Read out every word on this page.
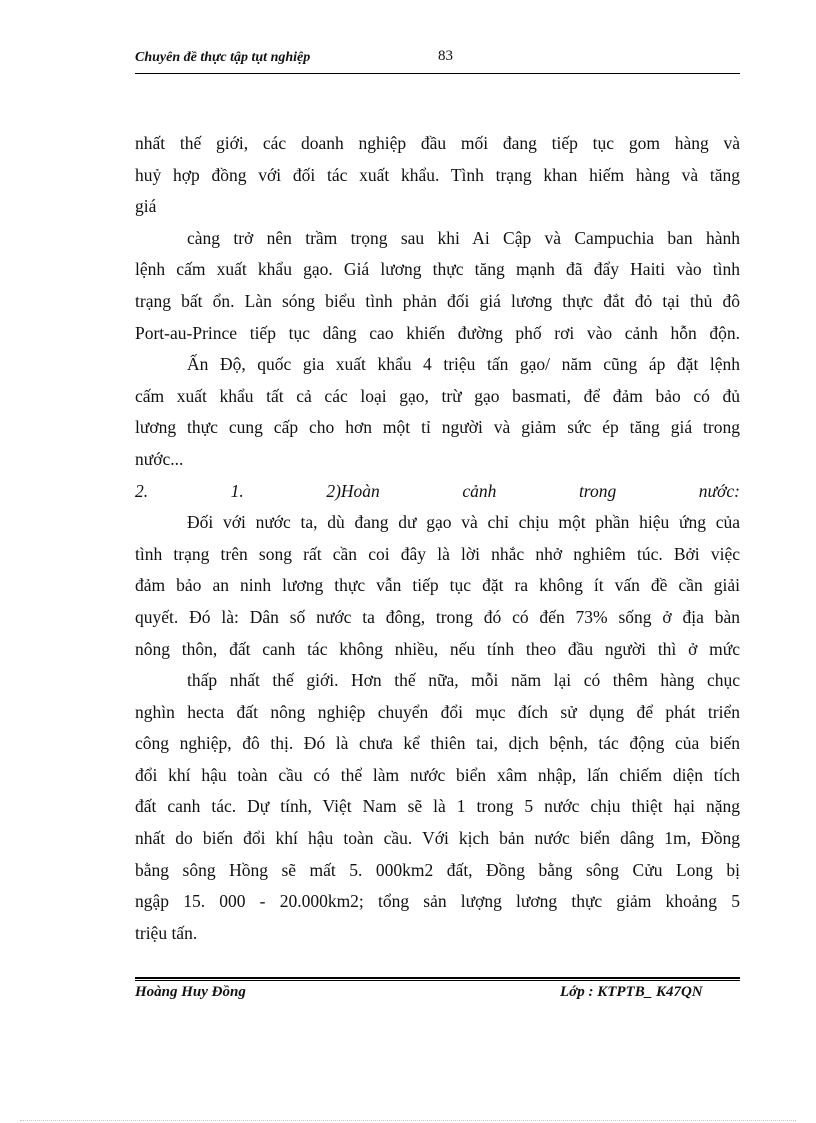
Chuyên đề thực tập tụt nghiệp	83
nhất thế giới, các doanh nghiệp đầu mối đang tiếp tục gom hàng và
huỷ hợp đồng với đối tác xuất khẩu. Tình trạng khan hiếm hàng và tăng
giá
càng trở nên trầm trọng sau khi Ai Cập và Campuchia ban hành
lệnh cấm xuất khẩu gạo. Giá lương thực tăng mạnh đã đẩy Haiti vào tình
trạng bất ổn. Làn sóng biểu tình phản đối giá lương thực đắt đỏ tại thủ đô
Port-au-Prince tiếp tục dâng cao khiến đường phố rơi vào cảnh hỗn độn.
Ấn Độ, quốc gia xuất khẩu 4 triệu tấn gạo/ năm cũng áp đặt lệnh
cấm xuất khẩu tất cả các loại gạo, trừ gạo basmati, để đảm bảo có đủ
lương thực cung cấp cho hơn một tỉ người và giảm sức ép tăng giá trong
nước...
2.	1.	2)Hoàn	cảnh	trong	nước:
Đối với nước ta, dù đang dư gạo và chỉ chịu một phần hiệu ứng của
tình trạng trên song rất cần coi đây là lời nhắc nhở nghiêm túc. Bởi việc
đảm bảo an ninh lương thực vẫn tiếp tục đặt ra không ít vấn đề cần giải
quyết. Đó là: Dân số nước ta đông, trong đó có đến 73% sống ở địa bàn
nông thôn, đất canh tác không nhiều, nếu tính theo đầu người thì ở mức
thấp nhất thế giới. Hơn thế nữa, mỗi năm lại có thêm hàng chục
nghìn hecta đất nông nghiệp chuyển đổi mục đích sử dụng để phát triển
công nghiệp, đô thị. Đó là chưa kể thiên tai, dịch bệnh, tác động của biến
đổi khí hậu toàn cầu có thể làm nước biển xâm nhập, lấn chiếm diện tích
đất canh tác. Dự tính, Việt Nam sẽ là 1 trong 5 nước chịu thiệt hại nặng
nhất do biến đổi khí hậu toàn cầu. Với kịch bản nước biển dâng 1m, Đồng
bằng sông Hồng sẽ mất 5. 000km2 đất, Đồng bằng sông Cửu Long bị
ngập 15. 000 - 20.000km2; tổng sản lượng lương thực giảm khoảng 5
triệu tấn.
Hoàng Huy Đồng	Lớp : KTPTB_ K47QN
